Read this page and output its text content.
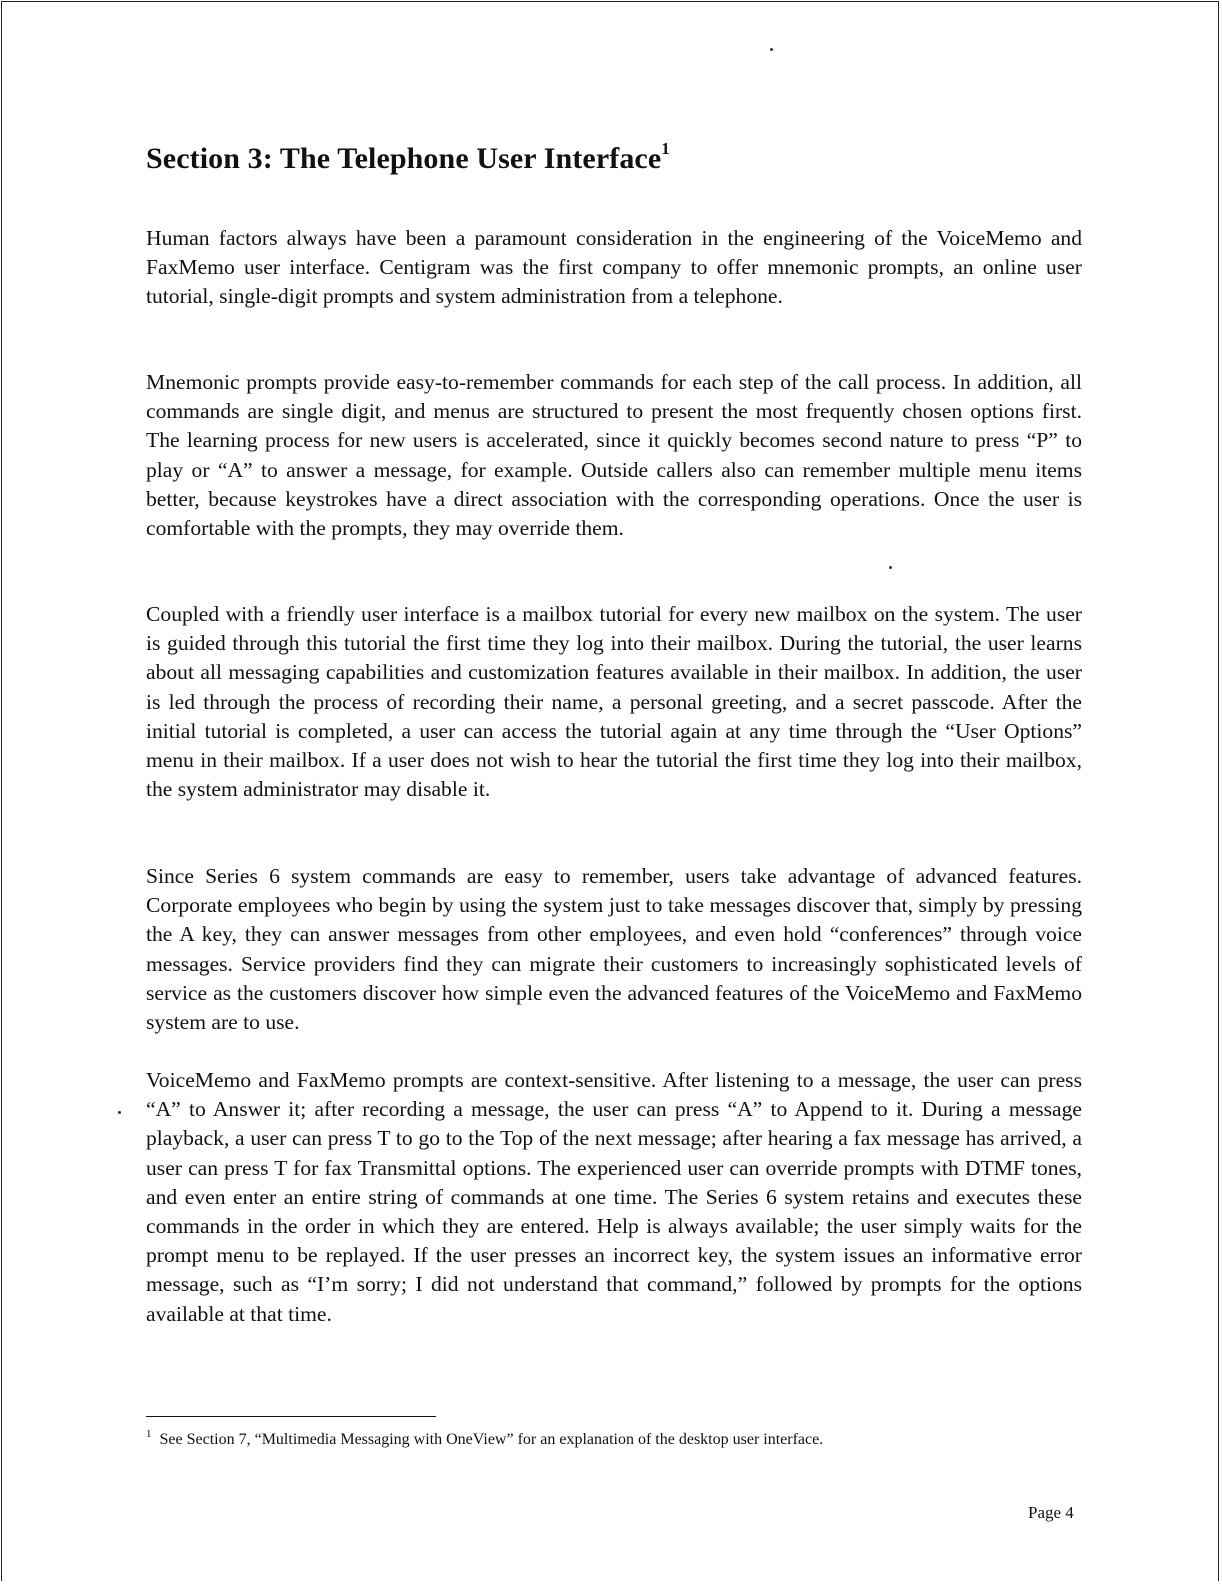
Section 3: The Telephone User Interface$^1$

Human factors always have been a paramount consideration in the engineering of the VoiceMemo and FaxMemo user interface. Centigram was the first company to offer mnemonic prompts, an online user tutorial, single-digit prompts and system administration from a telephone.

Mnemonic prompts provide easy-to-remember commands for each step of the call process. In addition, all commands are single digit, and menus are structured to present the most frequently chosen options first. The learning process for new users is accelerated, since it quickly becomes second nature to press “P” to play or “A” to answer a message, for example. Outside callers also can remember multiple menu items better, because keystrokes have a direct association with the corresponding operations. Once the user is comfortable with the prompts, they may override them.

Coupled with a friendly user interface is a mailbox tutorial for every new mailbox on the system. The user is guided through this tutorial the first time they log into their mailbox. During the tutorial, the user learns about all messaging capabilities and customization features available in their mailbox. In addition, the user is led through the process of recording their name, a personal greeting, and a secret passcode. After the initial tutorial is completed, a user can access the tutorial again at any time through the “User Options” menu in their mailbox. If a user does not wish to hear the tutorial the first time they log into their mailbox, the system administrator may disable it.

Since Series 6 system commands are easy to remember, users take advantage of advanced features. Corporate employees who begin by using the system just to take messages discover that, simply by pressing the A key, they can answer messages from other employees, and even hold “conferences” through voice messages. Service providers find they can migrate their customers to increasingly sophisticated levels of service as the customers discover how simple even the advanced features of the VoiceMemo and FaxMemo system are to use.

VoiceMemo and FaxMemo prompts are context-sensitive. After listening to a message, the user can press “A” to Answer it; after recording a message, the user can press “A” to Append to it. During a message playback, a user can press T to go to the Top of the next message; after hearing a fax message has arrived, a user can press T for fax Transmittal options. The experienced user can override prompts with DTMF tones, and even enter an entire string of commands at one time. The Series 6 system retains and executes these commands in the order in which they are entered. Help is always available; the user simply waits for the prompt menu to be replayed. If the user presses an incorrect key, the system issues an informative error message, such as “I’m sorry; I did not understand that command,” followed by prompts for the options available at that time.

$^1$ See Section 7, “Multimedia Messaging with OneView” for an explanation of the desktop user interface.
Page 4
